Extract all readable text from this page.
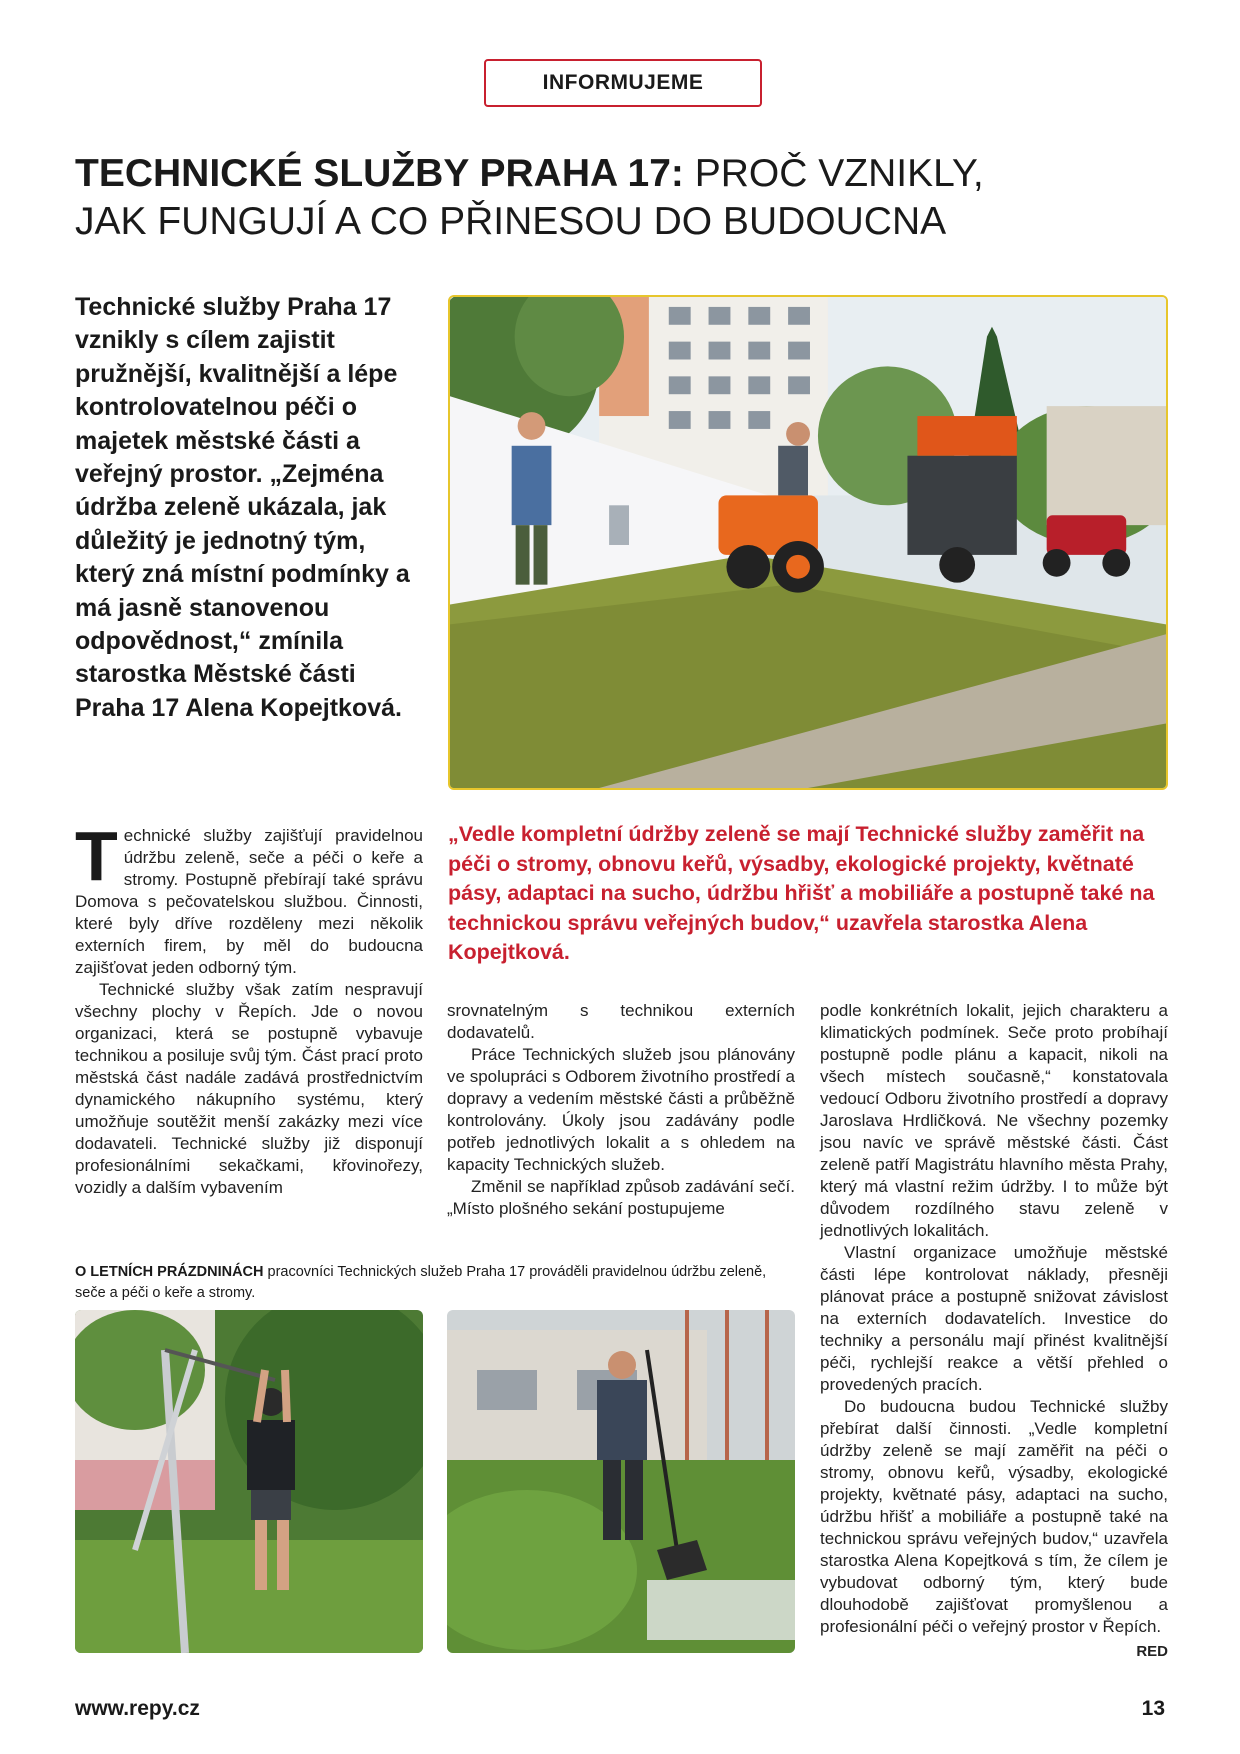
INFORMUJEME
TECHNICKÉ SLUŽBY PRAHA 17: PROČ VZNIKLY,
JAK FUNGUJÍ A CO PŘINESOU DO BUDOUCNA

Technické služby Praha 17 vznikly s cílem zajistit pružnější, kvalitnější a lépe kontrolovatelnou péči o majetek městské části a veřejný prostor. „Zejména údržba zeleně ukázala, jak důležitý je jednotný tým, který zná místní podmínky a má jasně stanovenou odpovědnost,“ zmínila starostka Městské části Praha 17 Alena Kopejtková.

„Vedle kompletní údržby zeleně se mají Technické služby zaměřit na péči o stromy, obnovu keřů, výsadby, ekologické projekty, květnaté pásy, adaptaci na sucho, údržbu hřišť a mobiliáře a postupně také na technickou správu veřejných budov,“ uzavřela starostka Alena Kopejtková.

Technické služby zajišťují pravidelnou údržbu zeleně, seče a péči o keře a stromy. Postupně přebírají také správu Domova s pečovatelskou službou. Činnosti, které byly dříve rozděleny mezi několik externích firem, by měl do budoucna zajišťovat jeden odborný tým.

Technické služby však zatím nespravují všechny plochy v Řepích. Jde o novou organizaci, která se postupně vybavuje technikou a posiluje svůj tým. Část prací proto městská část nadále zadává prostřednictvím dynamického nákupního systému, který umožňuje soutěžit menší zakázky mezi více dodavateli. Technické služby již disponují profesionálními sekačkami, křovinořezy, vozidly a dalším vybavením

srovnatelným s technikou externích dodavatelů.

Práce Technických služeb jsou plánovány ve spolupráci s Odborem životního prostředí a dopravy a vedením městské části a průběžně kontrolovány. Úkoly jsou zadávány podle potřeb jednotlivých lokalit a s ohledem na kapacity Technických služeb.

Změnil se například způsob zadávání sečí. „Místo plošného sekání postupujeme

podle konkrétních lokalit, jejich charakteru a klimatických podmínek. Seče proto probíhají postupně podle plánu a kapacit, nikoli na všech místech současně,“ konstatovala vedoucí Odboru životního prostředí a dopravy Jaroslava Hrdličková. Ne všechny pozemky jsou navíc ve správě městské části. Část zeleně patří Magistrátu hlavního města Prahy, který má vlastní režim údržby. I to může být důvodem rozdílného stavu zeleně v jednotlivých lokalitách.

Vlastní organizace umožňuje městské části lépe kontrolovat náklady, přesněji plánovat práce a postupně snižovat závislost na externích dodavatelích. Investice do techniky a personálu mají přinést kvalitnější péči, rychlejší reakce a větší přehled o provedených pracích.

Do budoucna budou Technické služby přebírat další činnosti. „Vedle kompletní údržby zeleně se mají zaměřit na péči o stromy, obnovu keřů, výsadby, ekologické projekty, květnaté pásy, adaptaci na sucho, údržbu hřišť a mobiliáře a postupně také na technickou správu veřejných budov,“ uzavřela starostka Alena Kopejtková s tím, že cílem je vybudovat odborný tým, který bude dlouhodobě zajišťovat promyšlenou a profesionální péči o veřejný prostor v Řepích.
RED

O LETNÍCH PRÁZDNINÁCH pracovníci Technických služeb Praha 17 prováděli pravidelnou údržbu zeleně, seče a péči o keře a stromy.

www.repy.cz	13
